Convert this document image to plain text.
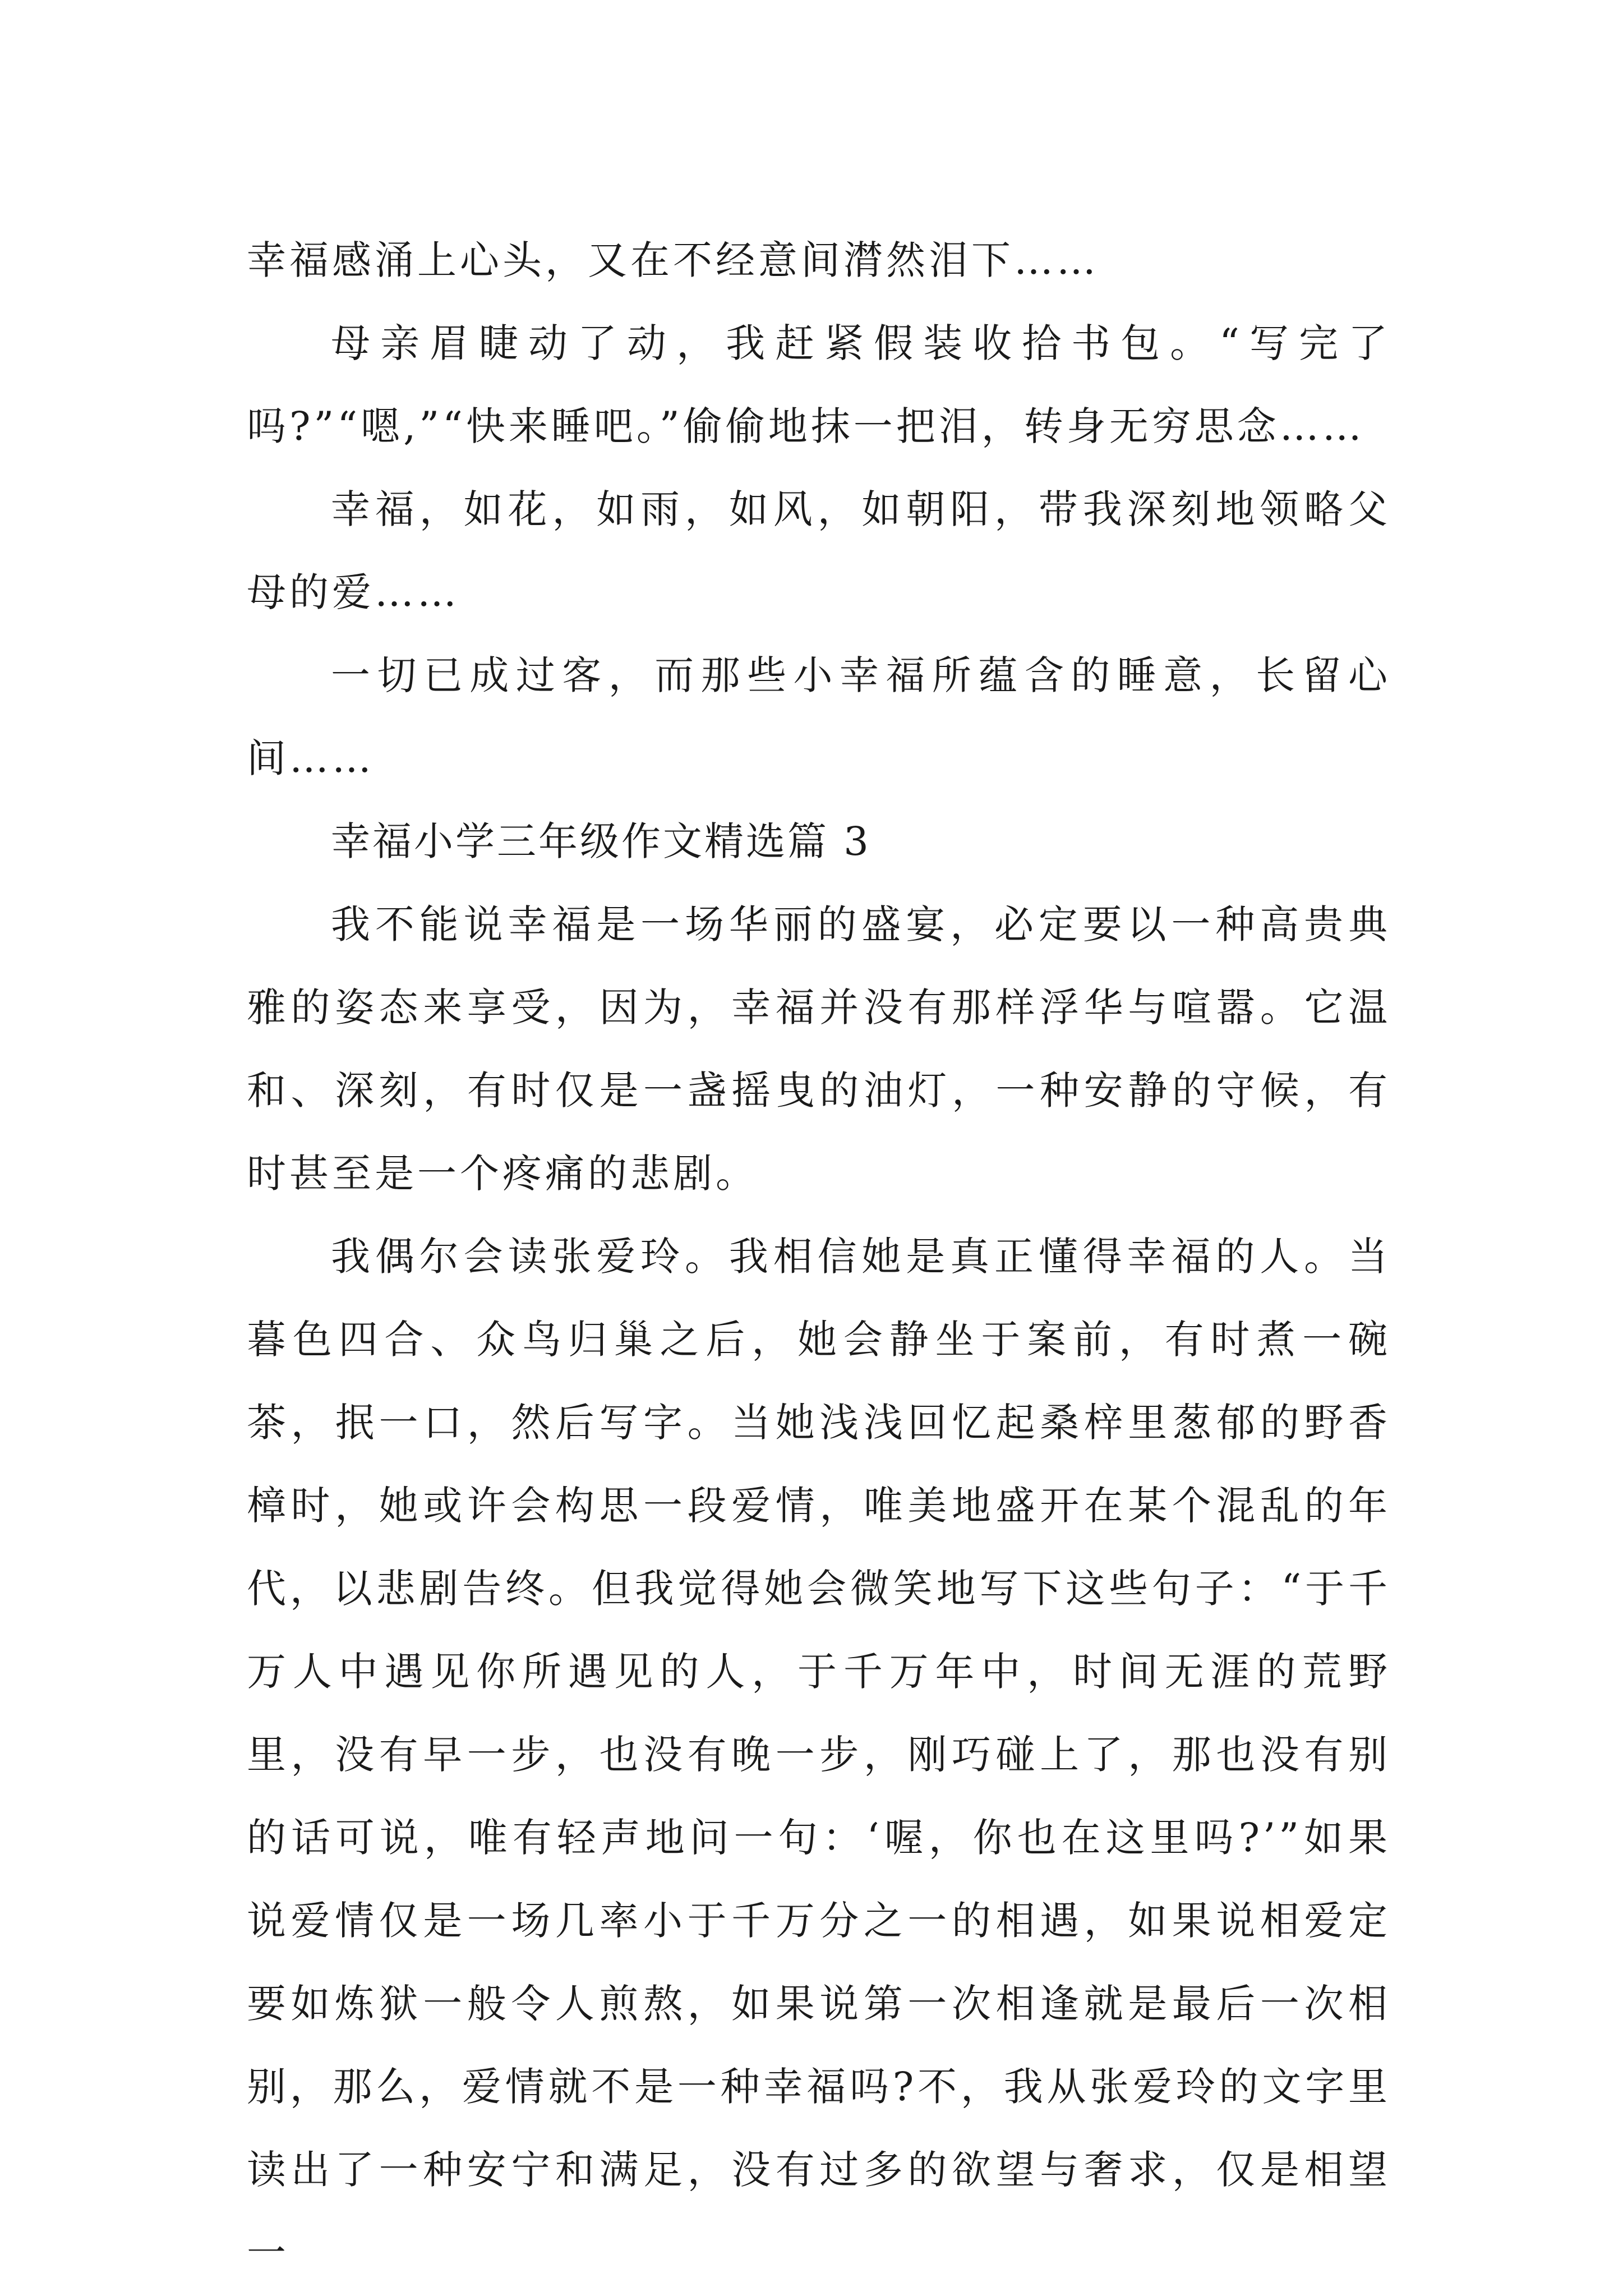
幸福感涌上心头，又在不经意间潸然泪下……

母亲眉睫动了动，我赶紧假装收拾书包。“写完了吗?”“嗯,”“快来睡吧。”偷偷地抹一把泪，转身无穷思念……

幸福，如花，如雨，如风，如朝阳，带我深刻地领略父母的爱……

一切已成过客，而那些小幸福所蕴含的睡意，长留心间……

幸福小学三年级作文精选篇 3

我不能说幸福是一场华丽的盛宴，必定要以一种高贵典雅的姿态来享受，因为，幸福并没有那样浮华与喧嚣。它温和、深刻，有时仅是一盏摇曳的油灯，一种安静的守候，有时甚至是一个疼痛的悲剧。

我偶尔会读张爱玲。我相信她是真正懂得幸福的人。当暮色四合、众鸟归巢之后，她会静坐于案前，有时煮一碗茶，抿一口，然后写字。当她浅浅回忆起桑梓里葱郁的野香樟时，她或许会构思一段爱情，唯美地盛开在某个混乱的年代，以悲剧告终。但我觉得她会微笑地写下这些句子：“于千万人中遇见你所遇见的人，于千万年中，时间无涯的荒野里，没有早一步，也没有晚一步，刚巧碰上了，那也没有别的话可说，唯有轻声地问一句：‘喔，你也在这里吗?’”如果说爱情仅是一场几率小于千万分之一的相遇，如果说相爱定要如炼狱一般令人煎熬，如果说第一次相逢就是最后一次相别，那么，爱情就不是一种幸福吗?不，我从张爱玲的文字里读出了一种安宁和满足，没有过多的欲望与奢求，仅是相望一
